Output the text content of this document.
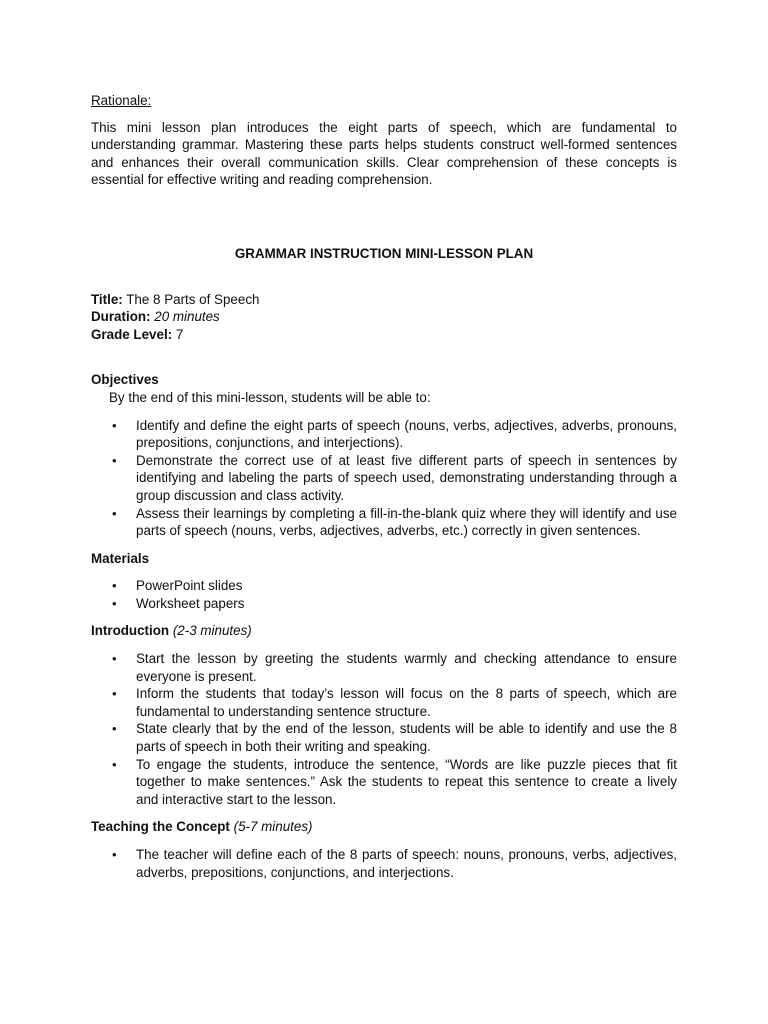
Rationale:

This mini lesson plan introduces the eight parts of speech, which are fundamental to understanding grammar. Mastering these parts helps students construct well-formed sentences and enhances their overall communication skills. Clear comprehension of these concepts is essential for effective writing and reading comprehension.

GRAMMAR INSTRUCTION MINI-LESSON PLAN

Title: The 8 Parts of Speech

Duration: 20 minutes

Grade Level: 7

Objectives

By the end of this mini-lesson, students will be able to:

• Identify and define the eight parts of speech (nouns, verbs, adjectives, adverbs, pronouns, prepositions, conjunctions, and interjections).
• Demonstrate the correct use of at least five different parts of speech in sentences by identifying and labeling the parts of speech used, demonstrating understanding through a group discussion and class activity.
• Assess their learnings by completing a fill-in-the-blank quiz where they will identify and use parts of speech (nouns, verbs, adjectives, adverbs, etc.) correctly in given sentences.

Materials

• PowerPoint slides
• Worksheet papers

Introduction (2-3 minutes)

• Start the lesson by greeting the students warmly and checking attendance to ensure everyone is present.
• Inform the students that today’s lesson will focus on the 8 parts of speech, which are fundamental to understanding sentence structure.
• State clearly that by the end of the lesson, students will be able to identify and use the 8 parts of speech in both their writing and speaking.
• To engage the students, introduce the sentence, “Words are like puzzle pieces that fit together to make sentences.” Ask the students to repeat this sentence to create a lively and interactive start to the lesson.

Teaching the Concept (5-7 minutes)

• The teacher will define each of the 8 parts of speech: nouns, pronouns, verbs, adjectives, adverbs, prepositions, conjunctions, and interjections.
